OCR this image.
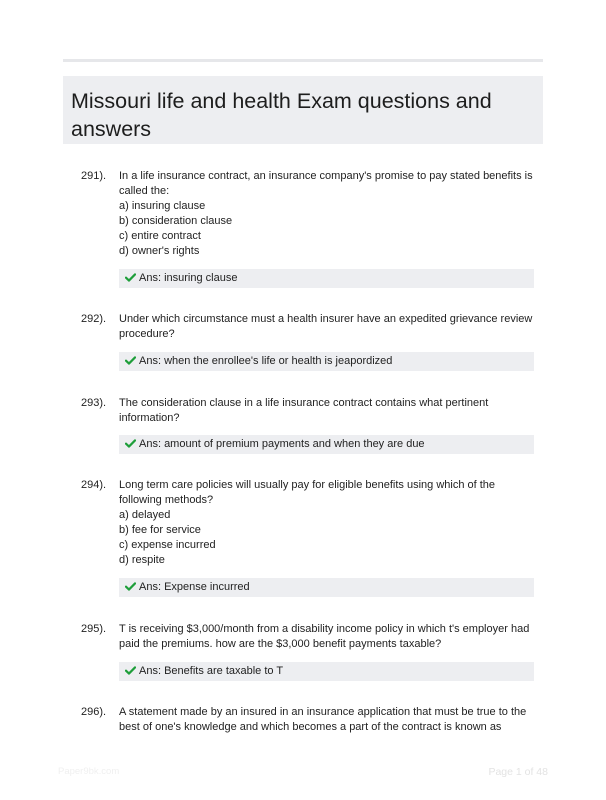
Missouri life and health Exam questions and answers
291). In a life insurance contract, an insurance company's promise to pay stated benefits is called the:
a) insuring clause
b) consideration clause
c) entire contract
d) owner's rights
Ans: insuring clause
292). Under which circumstance must a health insurer have an expedited grievance review procedure?
Ans: when the enrollee's life or health is jeapordized
293). The consideration clause in a life insurance contract contains what pertinent information?
Ans: amount of premium payments and when they are due
294). Long term care policies will usually pay for eligible benefits using which of the following methods?
a) delayed
b) fee for service
c) expense incurred
d) respite
Ans: Expense incurred
295). T is receiving $3,000/month from a disability income policy in which t's employer had paid the premiums. how are the $3,000 benefit payments taxable?
Ans: Benefits are taxable to T
296). A statement made by an insured in an insurance application that must be true to the best of one's knowledge and which becomes a part of the contract is known as
Paper9bk.com	Page 1 of 48
